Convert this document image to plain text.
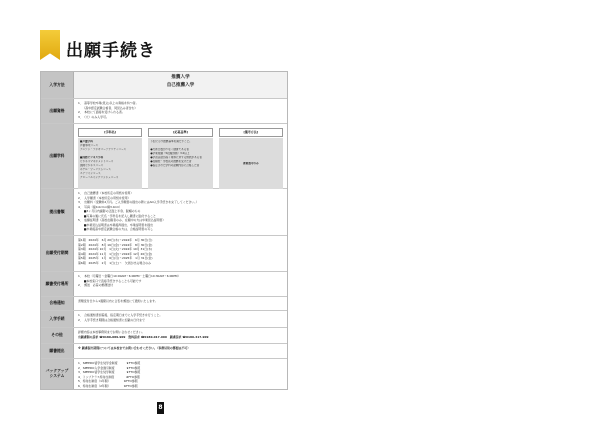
出願手続き
入学方法
推薦入学
自己推薦入学
出願資格
1．　高等学校卒業(見込)以上の資格を持つ者。
　　（高卒認定試験合格者、同見込み者含む）
2．　本校にて面接を受けられる者。
3．　（大）のみ入学可。
出願学科
[学科名]
■声優学科
声優専攻コース
アニソン・ラジオパーソナリティコース

■国際ビジネス学科
ビジネスマネジメントコース
国際ビジネスコース
ホテル・ツーリズムコース
エアラインコース
グローバルイングリッシュコース
[応募基準]
下記に示す推薦基準を満たすこと。

●欠席日数が少なく健康である者
●学業成績（5段階評価）3.0以上
●学習意欲が高く業界に対する情熱がある者
●在籍校・学校長の推薦を受けた者
●指定された学科の試験内容に合格した者
[選考方法]
書類選考のみ
提出書類
1．　自己推薦書（本校所定の用紙を使用）
2．　入学願書（本校所定の用紙を使用）
3．　出願料（受験料2万円。ご入学願書の提出の際にはAO入学手続きを完了してください。）
4．　写真（縦4.0cm×横3.0cm）
　　■3ヶ月以内撮影の正面上半身、脱帽のもの
　　■写真の裏に氏名・学科名を記入し願書に貼付すること
5．　成績証明書（高校在籍者のみ、在籍中の方は卒業見込証明書）
　　■卒業見込証明書は卒業後再提出、卒業証明書を提出
　　■卒業後高卒認定試験合格の方は、合格証明書の写し
出願受付期間
第1期　2024年　6月 20日(木)〜2024年　6月 30日(日)
第2期　2024年　8月 16日(金)〜2024年　8月 30日(金)
第3期　2024年 10月　1日(火)〜2024年 10月 31日(木)
第4期　2024年 11月　1日(金)〜2024年 12月 20日(金)
第5期　2025年　1月　6日(月)〜2025年　1月 31日(金)
第6期　2025年　2月　1日(土)〜　欠員が出る場合のみ
願書受付場所
1．　本校（月曜日〜金曜日10:00AM〜6:00PM・土曜日10:30AM〜6:00PM）
　　■本校窓口で直接手続きすることも可能です
2．　郵送　必着の郵便送付
合格通知	書類受付日から1週間以内に合否を郵送にて通知いたします。
入学手続
1．　合格通知書到着後、指定期日までに入学手続きを行うこと。
2．　入学手続き期間は合格通知書に記載の日付まで
その他
詳細内容は本校事務局までお問い合わせください。
出願書類の請求 ☎0180-089-909　資料請求 ☎0180-017-909　願書請求 ☎0180-417-909
願書提出	※ 願書提出期間については本校までお問い合わせください。（事務局宛の郵便は不可）
バックアップ
システム
1．SPEEDO留学生奨学金制度　　　★FTO参照
2．SPEEDO入学金割引制度　　　　★FTO参照
3．SPEEDO留学生奨学制度　　　　★FTO参照
4．トップクラス特待生制度　　　　★FTO参照
5．特待生制度（1年間）　　　　　★FTO参照
6．特待生制度（2年間）　　　　　★FTO参照
8
